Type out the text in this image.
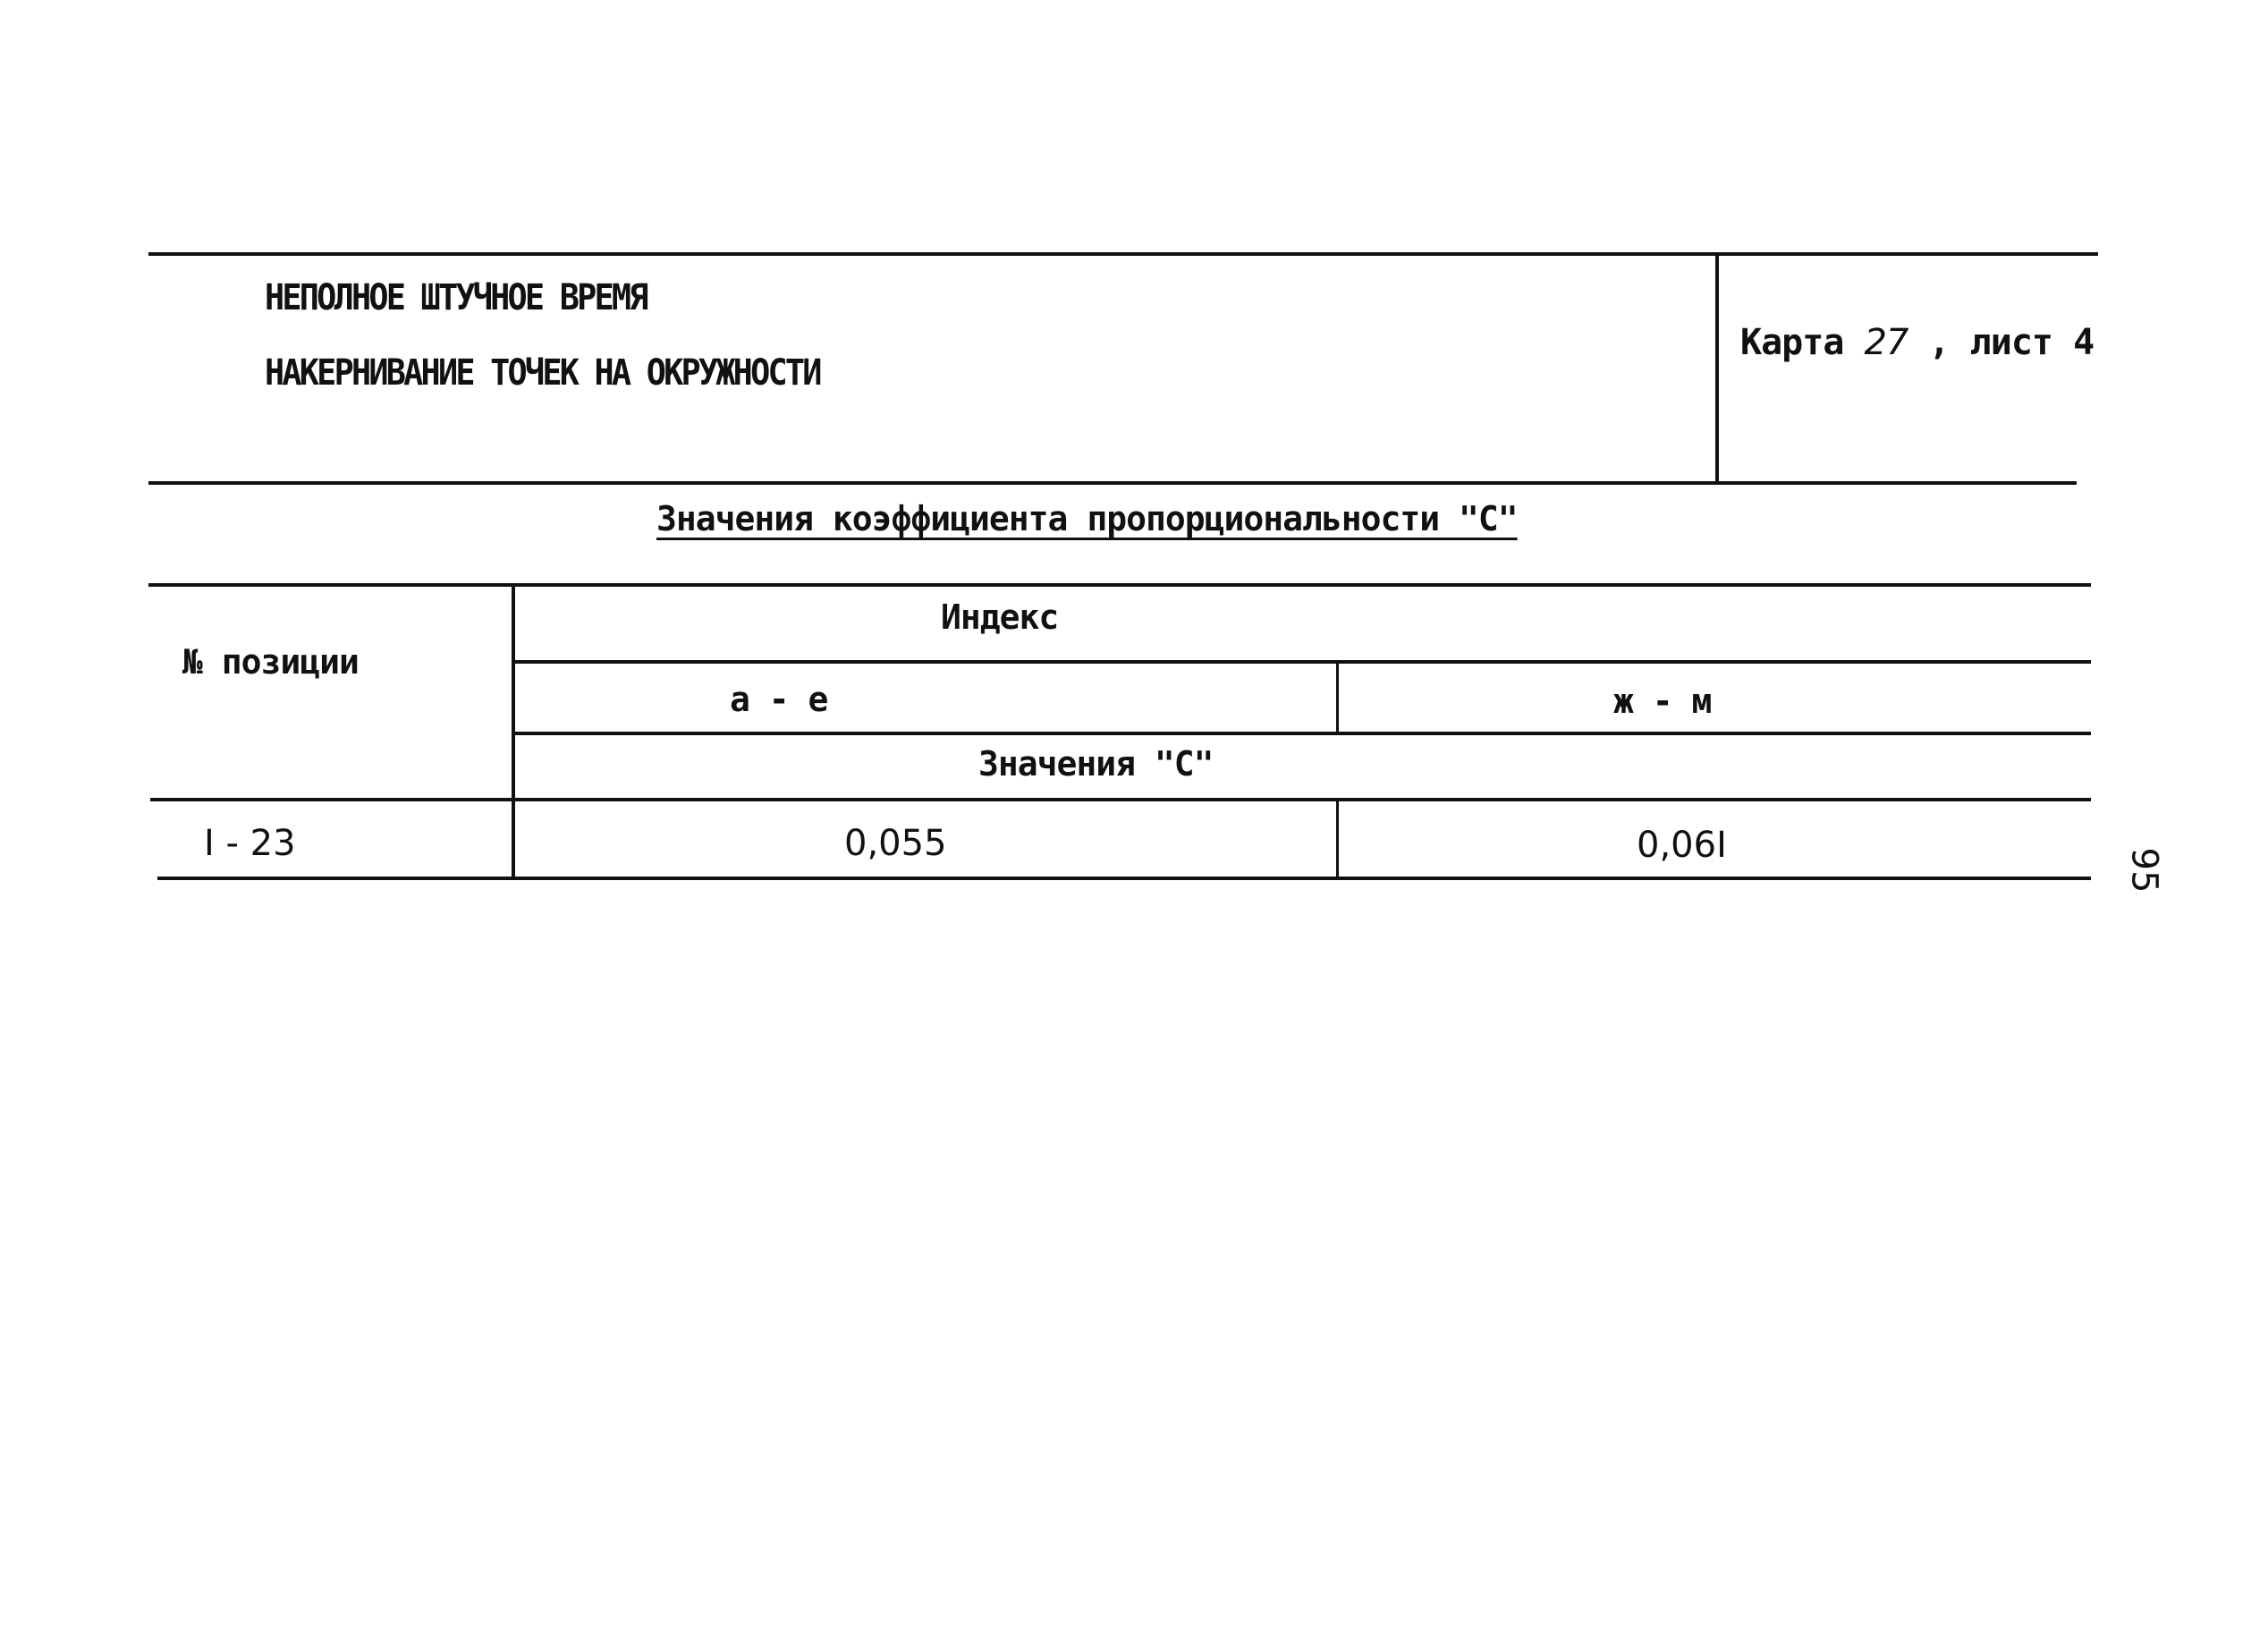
НЕПОЛНОЕ ШТУЧНОЕ ВРЕМЯ
НАКЕРНИВАНИЕ ТОЧЕК НА ОКРУЖНОСТИ
Карта 27 , лист 4
Значения коэффициента пропорциональности "С"
№ позиции
Индекс
а - е	ж - м
Значения "С"
I - 23	0,055	0,06I
95
